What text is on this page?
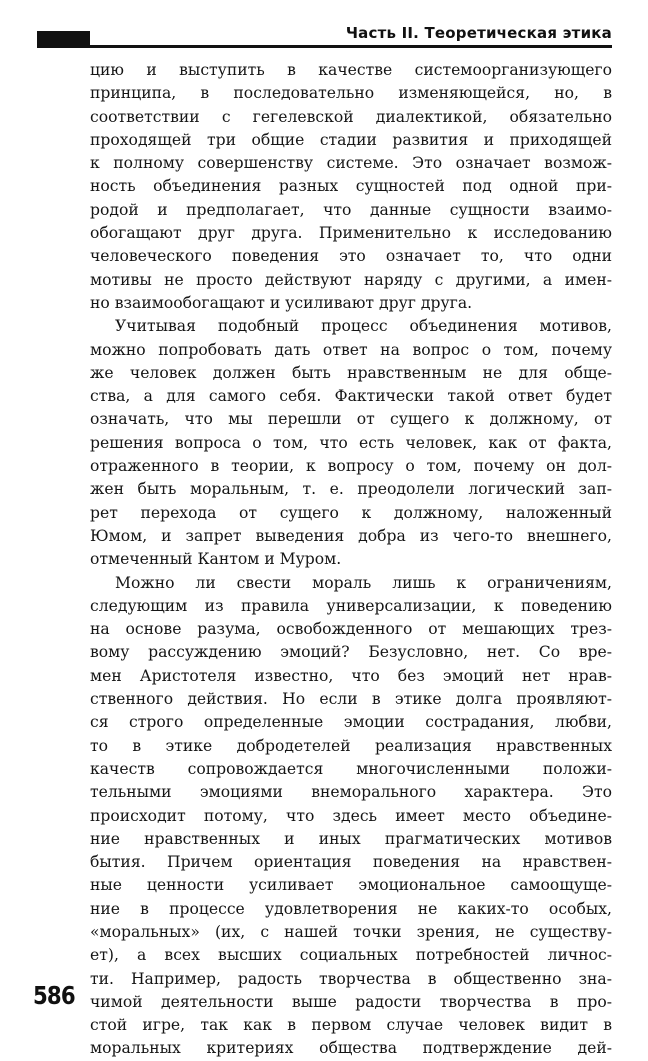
Часть II. Теоретическая этика
цию и выступить в качестве системоорганизующего
принципа, в последовательно изменяющейся, но, в
соответствии с гегелевской диалектикой, обязательно
проходящей три общие стадии развития и приходящей
к полному совершенству системе. Это означает возмож-
ность объединения разных сущностей под одной при-
родой и предполагает, что данные сущности взаимо-
обогащают друг друга. Применительно к исследованию
человеческого поведения это означает то, что одни
мотивы не просто действуют наряду с другими, а имен-
но взаимообогащают и усиливают друг друга.
Учитывая подобный процесс объединения мотивов,
можно попробовать дать ответ на вопрос о том, почему
же человек должен быть нравственным не для обще-
ства, а для самого себя. Фактически такой ответ будет
означать, что мы перешли от сущего к должному, от
решения вопроса о том, что есть человек, как от факта,
отраженного в теории, к вопросу о том, почему он дол-
жен быть моральным, т. е. преодолели логический зап-
рет перехода от сущего к должному, наложенный
Юмом, и запрет выведения добра из чего-то внешнего,
отмеченный Кантом и Муром.
Можно ли свести мораль лишь к ограничениям,
следующим из правила универсализации, к поведению
на основе разума, освобожденного от мешающих трез-
вому рассуждению эмоций? Безусловно, нет. Со вре-
мен Аристотеля известно, что без эмоций нет нрав-
ственного действия. Но если в этике долга проявляют-
ся строго определенные эмоции сострадания, любви,
то в этике добродетелей реализация нравственных
качеств сопровождается многочисленными положи-
тельными эмоциями внеморального характера. Это
происходит потому, что здесь имеет место объедине-
ние нравственных и иных прагматических мотивов
бытия. Причем ориентация поведения на нравствен-
ные ценности усиливает эмоциональное самоощуще-
ние в процессе удовлетворения не каких-то особых,
«моральных» (их, с нашей точки зрения, не существу-
ет), а всех высших социальных потребностей личнос-
ти. Например, радость творчества в общественно зна-
чимой деятельности выше радости творчества в про-
стой игре, так как в первом случае человек видит в
моральных критериях общества подтверждение дей-
586
